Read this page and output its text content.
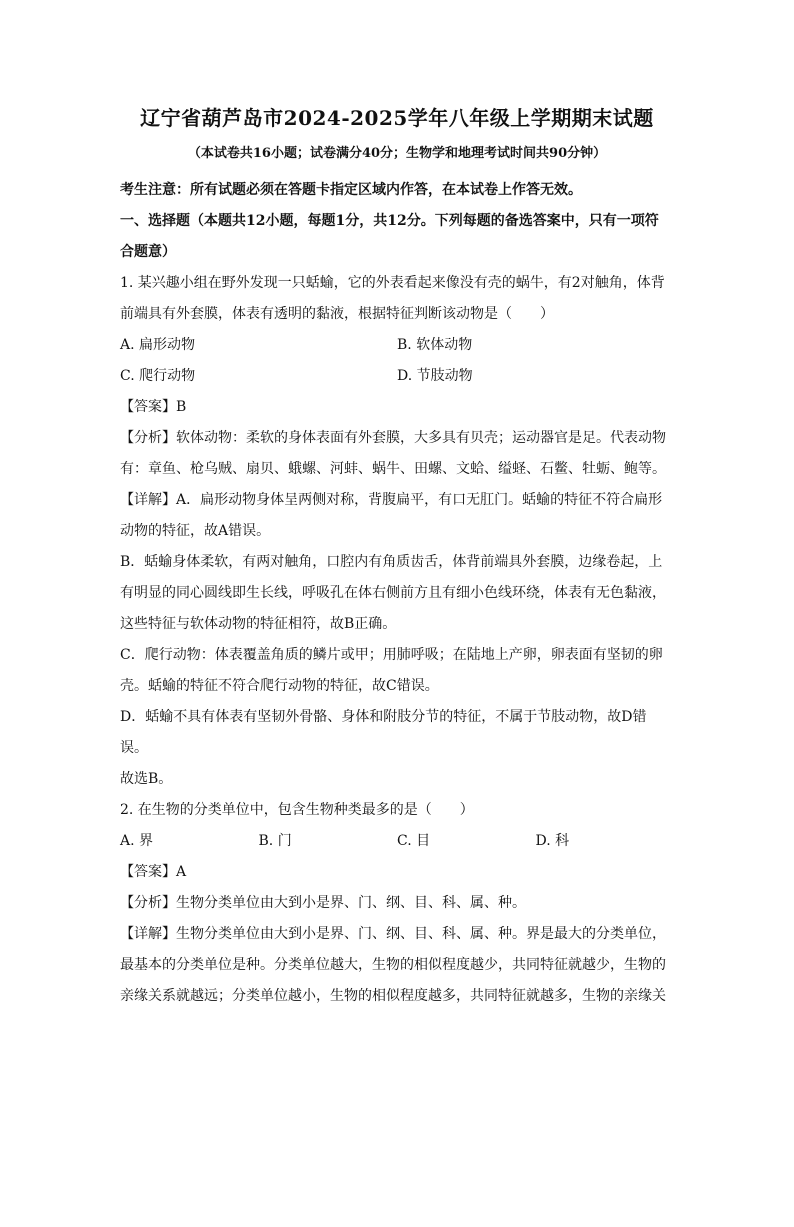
辽宁省葫芦岛市2024-2025学年八年级上学期期末试题
（本试卷共16小题；试卷满分40分；生物学和地理考试时间共90分钟）
考生注意：所有试题必须在答题卡指定区域内作答，在本试卷上作答无效。
一、选择题（本题共12小题，每题1分，共12分。下列每题的备选答案中，只有一项符
合题意）
1. 某兴趣小组在野外发现一只蛞蝓，它的外表看起来像没有壳的蜗牛，有2对触角，体背
前端具有外套膜，体表有透明的黏液，根据特征判断该动物是（　　）
A. 扁形动物	B. 软体动物
C. 爬行动物	D. 节肢动物
【答案】B
【分析】软体动物：柔软的身体表面有外套膜，大多具有贝壳；运动器官是足。代表动物
有：章鱼、枪乌贼、扇贝、蛾螺、河蚌、蜗牛、田螺、文蛤、缢蛏、石鳖、牡蛎、鲍等。
【详解】A．扁形动物身体呈两侧对称，背腹扁平，有口无肛门。蛞蝓的特征不符合扁形
动物的特征，故A错误。
B．蛞蝓身体柔软，有两对触角，口腔内有角质齿舌，体背前端具外套膜，边缘卷起，上
有明显的同心圆线即生长线，呼吸孔在体右侧前方且有细小色线环绕，体表有无色黏液，
这些特征与软体动物的特征相符，故B正确。
C．爬行动物：体表覆盖角质的鳞片或甲；用肺呼吸；在陆地上产卵，卵表面有坚韧的卵
壳。蛞蝓的特征不符合爬行动物的特征，故C错误。
D．蛞蝓不具有体表有坚韧外骨骼、身体和附肢分节的特征，不属于节肢动物，故D错
误。
故选B。
2. 在生物的分类单位中，包含生物种类最多的是（　　）
A. 界	B. 门	C. 目	D. 科
【答案】A
【分析】生物分类单位由大到小是界、门、纲、目、科、属、种。
【详解】生物分类单位由大到小是界、门、纲、目、科、属、种。界是最大的分类单位，
最基本的分类单位是种。分类单位越大，生物的相似程度越少，共同特征就越少，生物的
亲缘关系就越远；分类单位越小，生物的相似程度越多，共同特征就越多，生物的亲缘关
